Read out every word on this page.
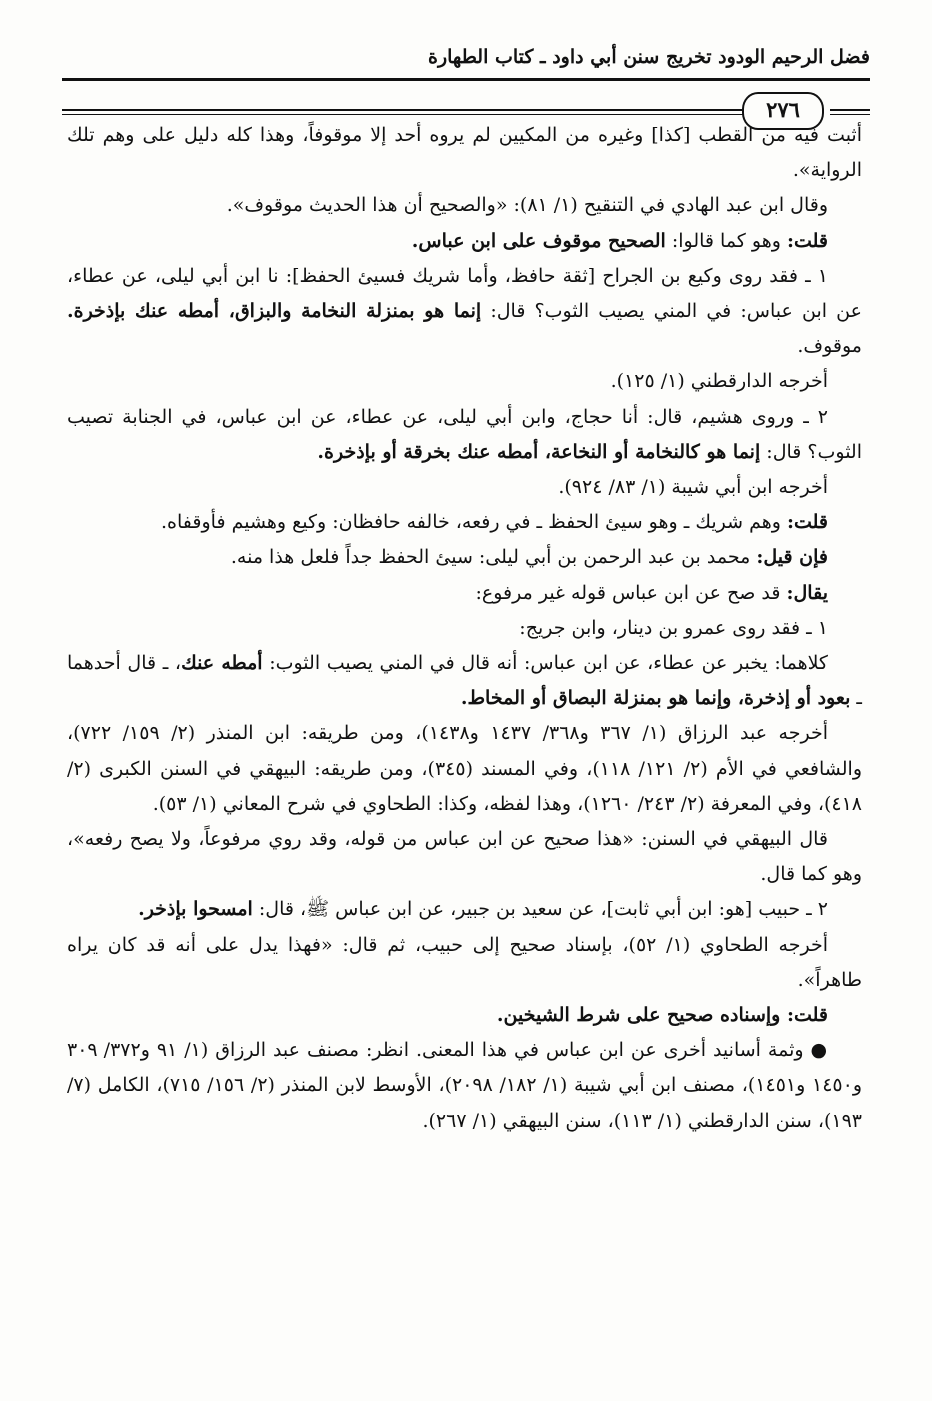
فضل الرحيم الودود تخريج سنن أبي داود ـ كتاب الطهارة
٢٧٦

أثبت فيه من القطب [كذا] وغيره من المكيين لم يروه أحد إلا موقوفاً، وهذا كله دليل على وهم تلك الرواية».

وقال ابن عبد الهادي في التنقيح (١/ ٨١): «والصحيح أن هذا الحديث موقوف».

قلت: وهو كما قالوا: الصحيح موقوف على ابن عباس.

١ ـ فقد روى وكيع بن الجراح [ثقة حافظ، وأما شريك فسيئ الحفظ]: نا ابن أبي ليلى، عن عطاء، عن ابن عباس: في المني يصيب الثوب؟ قال: إنما هو بمنزلة النخامة والبزاق، أمطه عنك بإذخرة. موقوف.

أخرجه الدارقطني (١/ ١٢٥).

٢ ـ وروى هشيم، قال: أنا حجاج، وابن أبي ليلى، عن عطاء، عن ابن عباس، في الجنابة تصيب الثوب؟ قال: إنما هو كالنخامة أو النخاعة، أمطه عنك بخرقة أو بإذخرة.

أخرجه ابن أبي شيبة (١/ ٨٣/ ٩٢٤).

قلت: وهم شريك ـ وهو سيئ الحفظ ـ في رفعه، خالفه حافظان: وكيع وهشيم فأوقفاه.

فإن قيل: محمد بن عبد الرحمن بن أبي ليلى: سيئ الحفظ جداً فلعل هذا منه.

يقال: قد صح عن ابن عباس قوله غير مرفوع:

١ ـ فقد روى عمرو بن دينار، وابن جريج:

كلاهما: يخبر عن عطاء، عن ابن عباس: أنه قال في المني يصيب الثوب: أمطه عنك، ـ قال أحدهما ـ بعود أو إذخرة، وإنما هو بمنزلة البصاق أو المخاط.

أخرجه عبد الرزاق (١/ ٣٦٧ و٣٦٨/ ١٤٣٧ و١٤٣٨)، ومن طريقه: ابن المنذر (٢/ ١٥٩/ ٧٢٢)، والشافعي في الأم (٢/ ١٢١/ ١١٨)، وفي المسند (٣٤٥)، ومن طريقه: البيهقي في السنن الكبرى (٢/ ٤١٨)، وفي المعرفة (٢/ ٢٤٣/ ١٢٦٠)، وهذا لفظه، وكذا: الطحاوي في شرح المعاني (١/ ٥٣).

قال البيهقي في السنن: «هذا صحيح عن ابن عباس من قوله، وقد روي مرفوعاً، ولا يصح رفعه»، وهو كما قال.

٢ ـ حبيب [هو: ابن أبي ثابت]، عن سعيد بن جبير، عن ابن عباس ﷺ، قال: امسحوا بإذخر.

أخرجه الطحاوي (١/ ٥٢)، بإسناد صحيح إلى حبيب، ثم قال: «فهذا يدل على أنه قد كان يراه طاهراً».

قلت: وإسناده صحيح على شرط الشيخين.

● وثمة أسانيد أخرى عن ابن عباس في هذا المعنى. انظر: مصنف عبد الرزاق (١/ ٩١ و٣٧٢/ ٣٠٩ و١٤٥٠ و١٤٥١)، مصنف ابن أبي شيبة (١/ ١٨٢/ ٢٠٩٨)، الأوسط لابن المنذر (٢/ ١٥٦/ ٧١٥)، الكامل (٧/ ١٩٣)، سنن الدارقطني (١/ ١١٣)، سنن البيهقي (١/ ٢٦٧).
